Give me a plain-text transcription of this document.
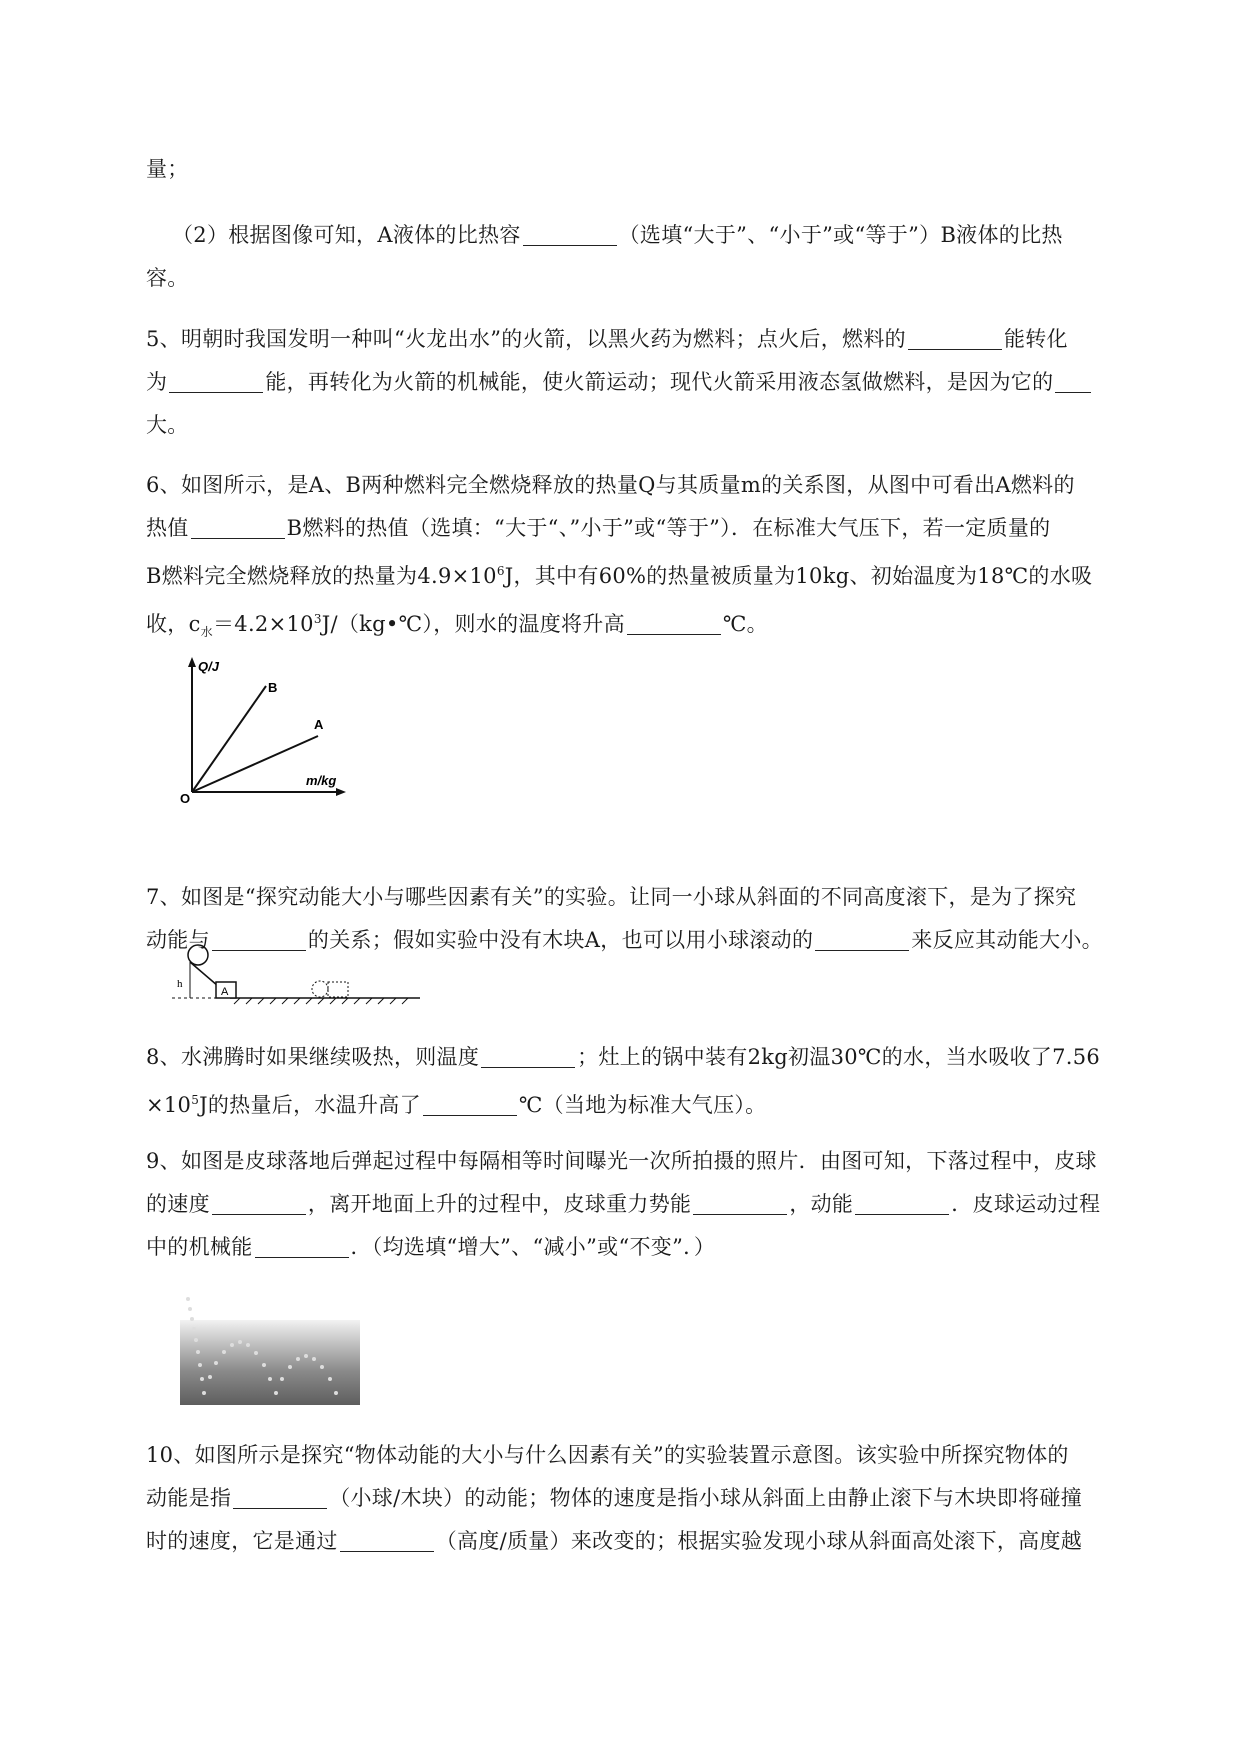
量；
（2）根据图像可知，A液体的比热容	（选填“大于”、“小于”或“等于”）B液体的比热
容。
5、明朝时我国发明一种叫“火龙出水”的火箭，以黑火药为燃料；点火后，燃料的	能转化
为	能，再转化为火箭的机械能，使火箭运动；现代火箭采用液态氢做燃料，是因为它的
大。
6、如图所示，是A、B两种燃料完全燃烧释放的热量Q与其质量m的关系图，从图中可看出A燃料的
热值	B燃料的热值（选填：“大于“、”小于”或“等于”）．在标准大气压下，若一定质量的
B燃料完全燃烧释放的热量为$4.9\times 10^6J$，其中有60%的热量被质量为10kg、初始温度为18℃的水吸
收，$c_水=4.2\times 10^3J/(kg•℃)$，则水的温度将升高	℃。
Q/J
m/kg
O
B
A
7、如图是“探究动能大小与哪些因素有关”的实验。让同一小球从斜面的不同高度滚下，是为了探究
动能与	的关系；假如实验中没有木块A，也可以用小球滚动的	来反应其动能大小。
A
h
8、水沸腾时如果继续吸热，则温度	；灶上的锅中装有2kg初温30℃的水，当水吸收了7.56
$\times 10^5J$的热量后，水温升高了	℃（当地为标准大气压）。
9、如图是皮球落地后弹起过程中每隔相等时间曝光一次所拍摄的照片．由图可知，下落过程中，皮球
的速度	，离开地面上升的过程中，皮球重力势能	，动能	．皮球运动过程
中的机械能	．（均选填“增大”、“减小”或“不变”．）
10、如图所示是探究“物体动能的大小与什么因素有关”的实验装置示意图。该实验中所探究物体的
动能是指	（小球/木块）的动能；物体的速度是指小球从斜面上由静止滚下与木块即将碰撞
时的速度，它是通过	（高度/质量）来改变的；根据实验发现小球从斜面高处滚下，高度越
